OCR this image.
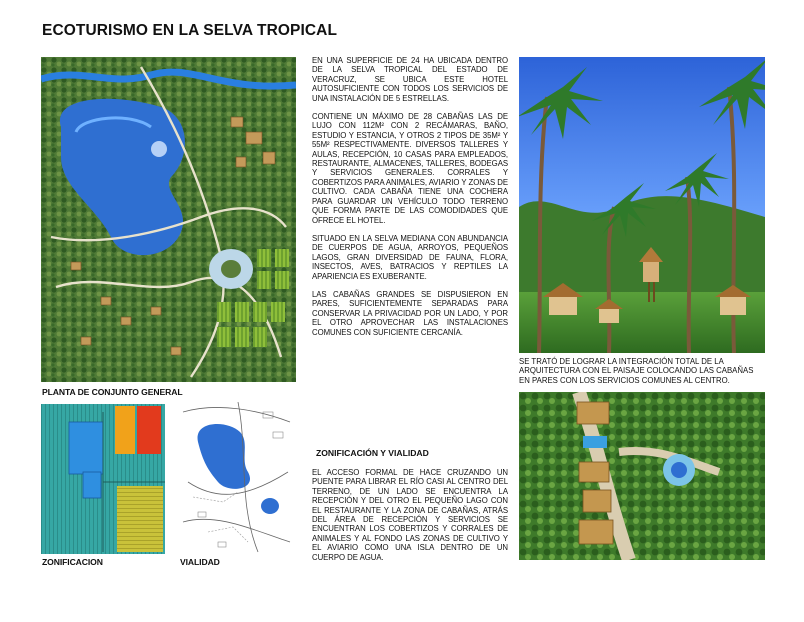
ECOTURISMO EN LA SELVA TROPICAL
PLANTA DE CONJUNTO GENERAL
ZONIFICACION	VIALIDAD

EN UNA SUPERFICIE DE 24 HA UBICADA DENTRO DE LA SELVA TROPICAL DEL ESTADO DE VERACRUZ, SE UBICA ESTE HOTEL AUTOSUFICIENTE CON TODOS LOS SERVICIOS DE UNA INSTALACIÓN DE 5 ESTRELLAS.

CONTIENE UN MÁXIMO DE 28 CABAÑAS LAS DE LUJO CON 112M² CON 2 RECÁMARAS, BAÑO, ESTUDIO Y ESTANCIA, Y OTROS 2 TIPOS DE 35M² Y 55M² RESPECTIVAMENTE. DIVERSOS TALLERES Y AULAS, RECEPCIÓN, 10 CASAS PARA EMPLEADOS, RESTAURANTE, ALMACENES, TALLERES, BODEGAS Y SERVICIOS GENERALES. CORRALES Y COBERTIZOS PARA ANIMALES, AVIARIO Y ZONAS DE CULTIVO. CADA CABAÑA TIENE UNA COCHERA PARA GUARDAR UN VEHÍCULO TODO TERRENO QUE FORMA PARTE DE LAS COMODIDADES QUE OFRECE EL HOTEL.

SITUADO EN LA SELVA MEDIANA CON ABUNDANCIA DE CUERPOS DE AGUA, ARROYOS, PEQUEÑOS LAGOS, GRAN DIVERSIDAD DE FAUNA, FLORA, INSECTOS, AVES, BATRACIOS Y REPTILES LA APARIENCIA ES EXUBERANTE.

LAS CABAÑAS GRANDES SE DISPUSIERON EN PARES, SUFICIENTEMENTE SEPARADAS PARA CONSERVAR LA PRIVACIDAD POR UN LADO, Y POR EL OTRO APROVECHAR LAS INSTALACIONES COMUNES CON SUFICIENTE CERCANÍA.

ZONIFICACIÓN Y VIALIDAD

EL ACCESO FORMAL DE HACE CRUZANDO UN PUENTE PARA LIBRAR EL RÍO CASI AL CENTRO DEL TERRENO, DE UN LADO SE ENCUENTRA LA RECEPCIÓN Y DEL OTRO EL PEQUEÑO LAGO CON EL RESTAURANTE Y LA ZONA DE CABAÑAS, ATRÁS DEL ÁREA DE RECEPCIÓN Y SERVICIOS SE ENCUENTRAN LOS COBERTIZOS Y CORRALES DE ANIMALES Y AL FONDO LAS ZONAS DE CULTIVO Y EL AVIARIO COMO UNA ISLA DENTRO DE UN CUERPO DE AGUA.

SE TRATÓ DE LOGRAR LA INTEGRACIÓN TOTAL DE LA ARQUITECTURA CON EL PAISAJE COLOCANDO LAS CABAÑAS EN PARES CON LOS SERVICIOS COMUNES AL CENTRO.
